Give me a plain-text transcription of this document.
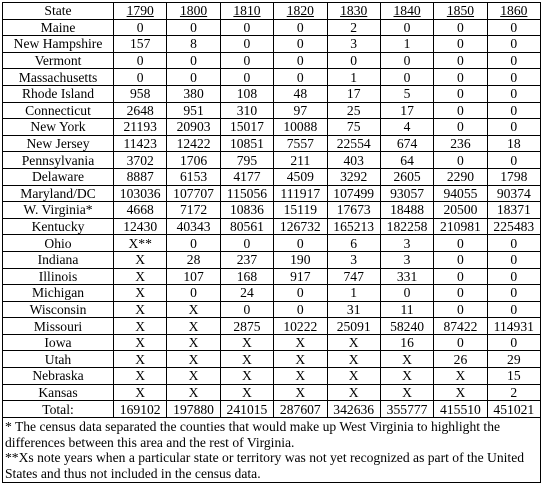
State	1790	1800	1810	1820	1830	1840	1850	1860
Maine	0	0	0	0	2	0	0	0
New Hampshire	157	8	0	0	3	1	0	0
Vermont	0	0	0	0	0	0	0	0
Massachusetts	0	0	0	0	1	0	0	0
Rhode Island	958	380	108	48	17	5	0	0
Connecticut	2648	951	310	97	25	17	0	0
New York	21193	20903	15017	10088	75	4	0	0
New Jersey	11423	12422	10851	7557	22554	674	236	18
Pennsylvania	3702	1706	795	211	403	64	0	0
Delaware	8887	6153	4177	4509	3292	2605	2290	1798
Maryland/DC	103036	107707	115056	111917	107499	93057	94055	90374
W. Virginia*	4668	7172	10836	15119	17673	18488	20500	18371
Kentucky	12430	40343	80561	126732	165213	182258	210981	225483
Ohio	X**	0	0	0	6	3	0	0
Indiana	X	28	237	190	3	3	0	0
Illinois	X	107	168	917	747	331	0	0
Michigan	X	0	24	0	1	0	0	0
Wisconsin	X	X	0	0	31	11	0	0
Missouri	X	X	2875	10222	25091	58240	87422	114931
Iowa	X	X	X	X	X	16	0	0
Utah	X	X	X	X	X	X	26	29
Nebraska	X	X	X	X	X	X	X	15
Kansas	X	X	X	X	X	X	X	2
Total:	169102	197880	241015	287607	342636	355777	415510	451021

* The census data separated the counties that would make up West Virginia to highlight the differences between this area and the rest of Virginia.
**Xs note years when a particular state or territory was not yet recognized as part of the United States and thus not included in the census data.								
